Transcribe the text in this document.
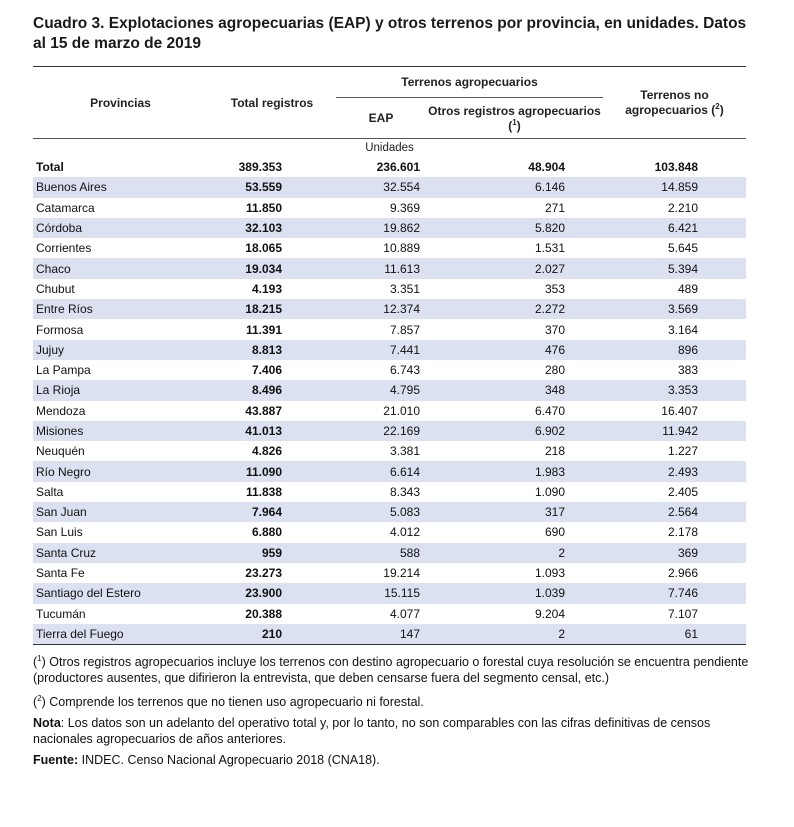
Cuadro 3. Explotaciones agropecuarias (EAP) y otros terrenos por provincia, en unidades. Datos al 15 de marzo de 2019
Provincias	Total registros	Terrenos agropecuarios		Terrenos no agropecuarios ($^2$)
		EAP	Otros registros agropecuarios ($^1$)	
Unidades				
Total	389.353	236.601	48.904	103.848
Buenos Aires	53.559	32.554	6.146	14.859
Catamarca	11.850	9.369	271	2.210
Córdoba	32.103	19.862	5.820	6.421
Corrientes	18.065	10.889	1.531	5.645
Chaco	19.034	11.613	2.027	5.394
Chubut	4.193	3.351	353	489
Entre Ríos	18.215	12.374	2.272	3.569
Formosa	11.391	7.857	370	3.164
Jujuy	8.813	7.441	476	896
La Pampa	7.406	6.743	280	383
La Rioja	8.496	4.795	348	3.353
Mendoza	43.887	21.010	6.470	16.407
Misiones	41.013	22.169	6.902	11.942
Neuquén	4.826	3.381	218	1.227
Río Negro	11.090	6.614	1.983	2.493
Salta	11.838	8.343	1.090	2.405
San Juan	7.964	5.083	317	2.564
San Luis	6.880	4.012	690	2.178
Santa Cruz	959	588	2	369
Santa Fe	23.273	19.214	1.093	2.966
Santiago del Estero	23.900	15.115	1.039	7.746
Tucumán	20.388	4.077	9.204	7.107
Tierra del Fuego	210	147	2	61

($^1$) Otros registros agropecuarios incluye los terrenos con destino agropecuario o forestal cuya resolución se encuentra pendiente (productores ausentes, que difirieron la entrevista, que deben censarse fuera del segmento censal, etc.)

($^2$) Comprende los terrenos que no tienen uso agropecuario ni forestal.

Nota: Los datos son un adelanto del operativo total y, por lo tanto, no son comparables con las cifras definitivas de censos nacionales agropecuarios de años anteriores.

Fuente: INDEC. Censo Nacional Agropecuario 2018 (CNA18).
